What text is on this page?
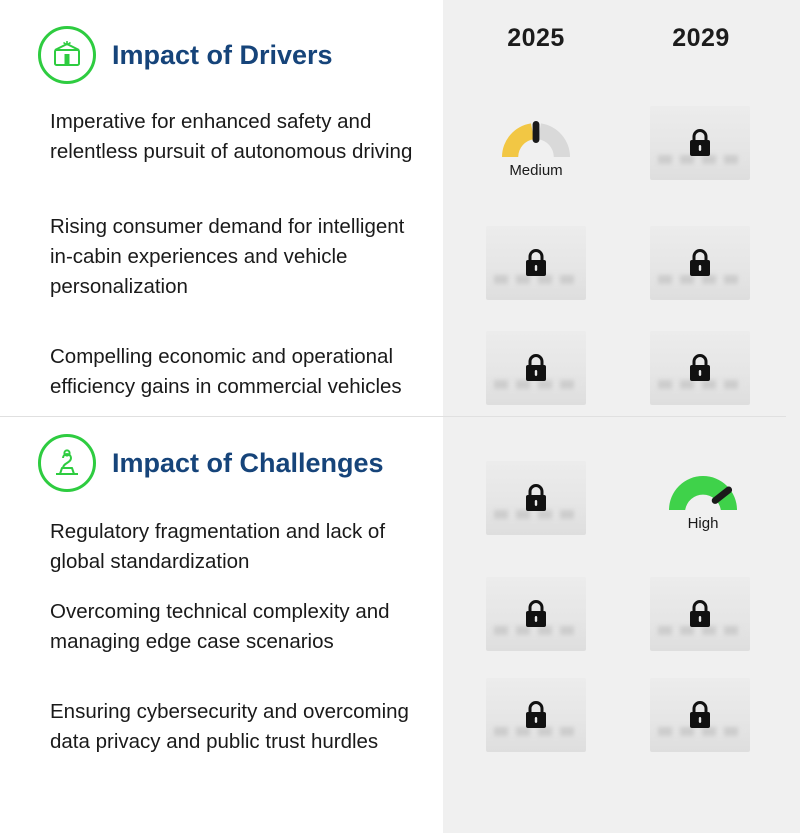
2025	2029
Impact of Drivers
Imperative for enhanced safety and relentless pursuit of autonomous driving
Rising consumer demand for intelligent in-cabin experiences and vehicle personalization
Compelling economic and operational efficiency gains in commercial vehicles
Medium
Impact of Challenges
Regulatory fragmentation and lack of global standardization
Overcoming technical complexity and managing edge case scenarios
Ensuring cybersecurity and overcoming data privacy and public trust hurdles
High
